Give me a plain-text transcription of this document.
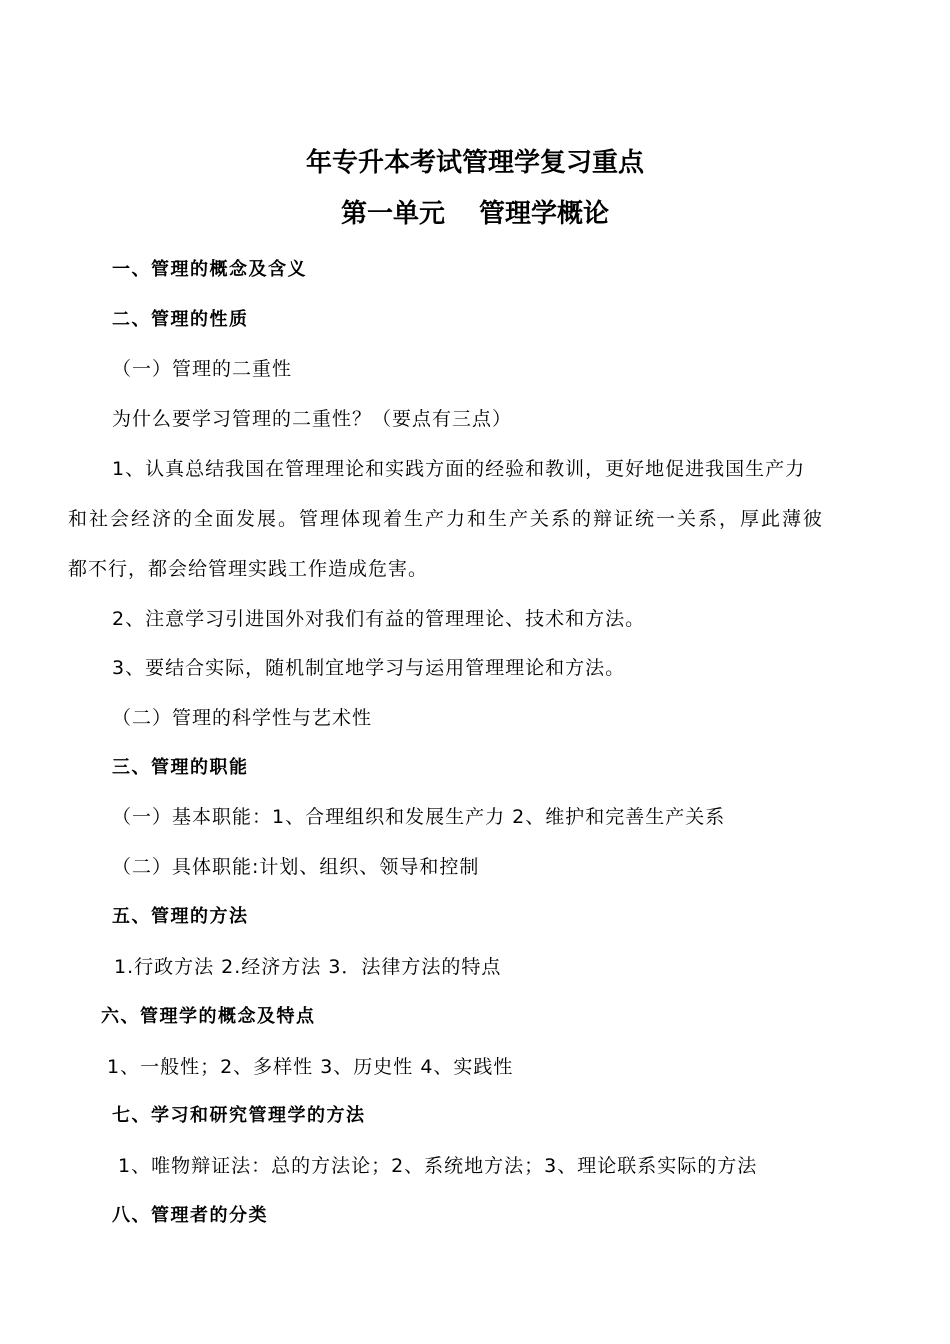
年专升本考试管理学复习重点
第一单元 管理学概论
一、管理的概念及含义
二、管理的性质
（一）管理的二重性
为什么要学习管理的二重性？（要点有三点）
1、认真总结我国在管理理论和实践方面的经验和教训，更好地促进我国生产力
和社会经济的全面发展。管理体现着生产力和生产关系的辩证统一关系，厚此薄彼
都不行，都会给管理实践工作造成危害。
2、注意学习引进国外对我们有益的管理理论、技术和方法。
3、要结合实际，随机制宜地学习与运用管理理论和方法。
（二）管理的科学性与艺术性
三、管理的职能
（一）基本职能：1、合理组织和发展生产力 2、维护和完善生产关系
（二）具体职能:计划、组织、领导和控制
五、管理的方法
1.行政方法 2.经济方法 3．法律方法的特点
六、管理学的概念及特点
1、一般性；2、多样性 3、历史性 4、实践性
七、学习和研究管理学的方法
1、唯物辩证法：总的方法论；2、系统地方法；3、理论联系实际的方法
八、管理者的分类
